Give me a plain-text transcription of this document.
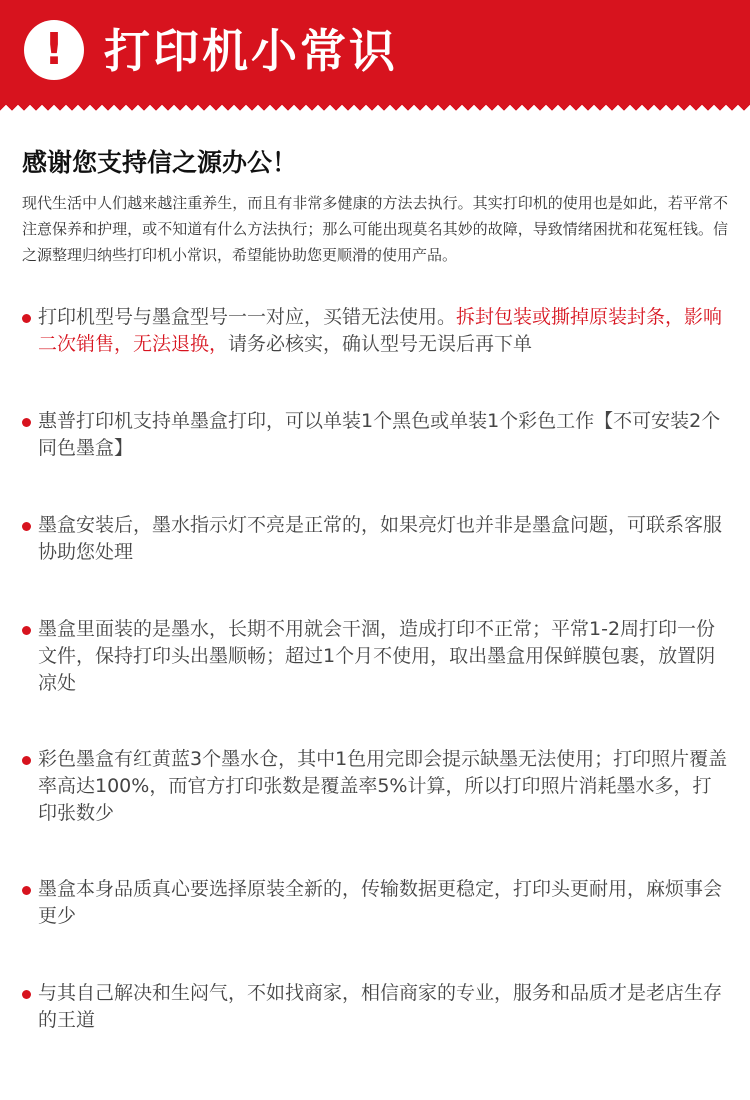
! 打印机小常识
感谢您支持信之源办公！

现代生活中人们越来越注重养生，而且有非常多健康的方法去执行。其实打印机的使用也是如此，若平常不注意保养和护理，或不知道有什么方法执行；那么可能出现莫名其妙的故障，导致情绪困扰和花冤枉钱。信之源整理归纳些打印机小常识，希望能协助您更顺滑的使用产品。

打印机型号与墨盒型号一一对应，买错无法使用。拆封包装或撕掉原装封条，影响二次销售，无法退换，请务必核实，确认型号无误后再下单
惠普打印机支持单墨盒打印，可以单装1个黑色或单装1个彩色工作【不可安装2个同色墨盒】
墨盒安装后，墨水指示灯不亮是正常的，如果亮灯也并非是墨盒问题，可联系客服协助您处理
墨盒里面装的是墨水，长期不用就会干涸，造成打印不正常；平常1-2周打印一份文件，保持打印头出墨顺畅；超过1个月不使用，取出墨盒用保鲜膜包裹，放置阴凉处
彩色墨盒有红黄蓝3个墨水仓，其中1色用完即会提示缺墨无法使用；打印照片覆盖率高达100%，而官方打印张数是覆盖率5%计算，所以打印照片消耗墨水多，打印张数少
墨盒本身品质真心要选择原装全新的，传输数据更稳定，打印头更耐用，麻烦事会更少
与其自己解决和生闷气，不如找商家，相信商家的专业，服务和品质才是老店生存的王道
